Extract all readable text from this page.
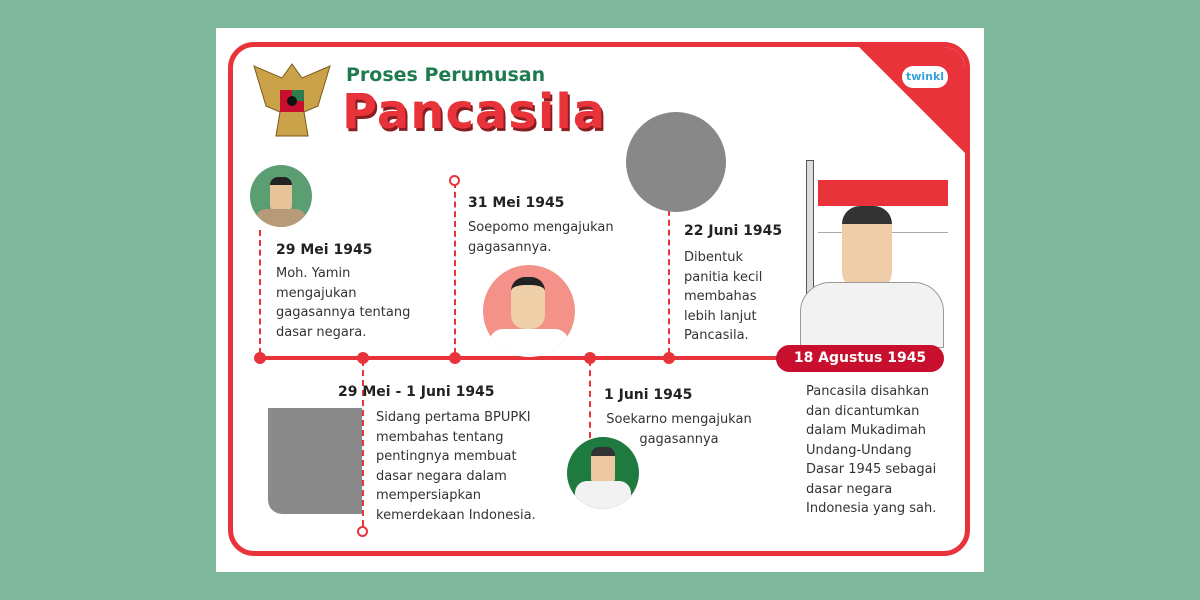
twinkl
Proses Perumusan
Pancasila
29 Mei 1945
Moh. Yamin mengajukan gagasannya tentang dasar negara.
29 Mei - 1 Juni 1945
Sidang pertama BPUPKI membahas tentang pentingnya membuat dasar negara dalam mempersiapkan kemerdekaan Indonesia.
31 Mei 1945
Soepomo mengajukan gagasannya.
1 Juni 1945
Soekarno mengajukan gagasannya
22 Juni 1945
Dibentuk panitia kecil membahas lebih lanjut Pancasila.
18 Agustus 1945
Pancasila disahkan dan dicantumkan dalam Mukadimah Undang-Undang Dasar 1945 sebagai dasar negara Indonesia yang sah.
